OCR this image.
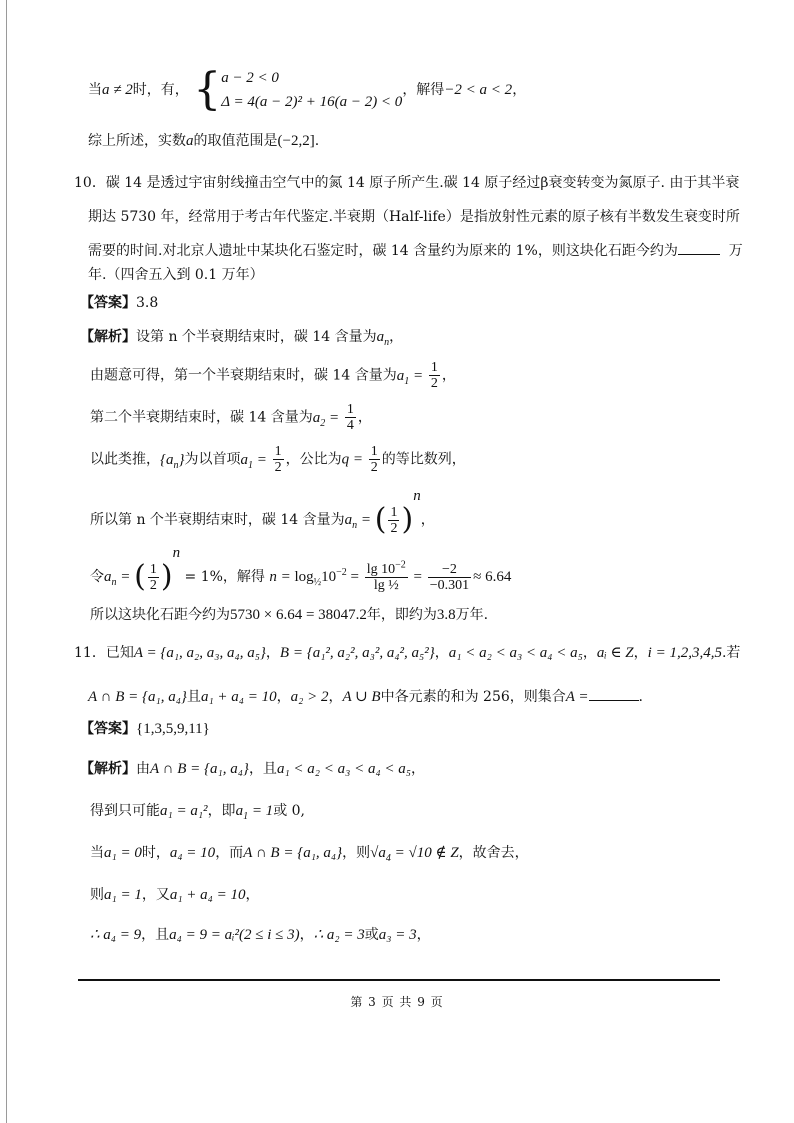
当a ≠ 2时，有， { a − 2 < 0
Δ = 4(a − 2)² + 16(a − 2) < 0
，解得−2 < a < 2，
综上所述，实数a的取值范围是(−2,2].
10．碳 14 是透过宇宙射线撞击空气中的氮 14 原子所产生.碳 14 原子经过β衰变转变为氮原子. 由于其半衰
期达 5730 年，经常用于考古年代鉴定.半衰期（Half-life）是指放射性元素的原子核有半数发生衰变时所
需要的时间.对北京人遗址中某块化石鉴定时，碳 14 含量约为原来的 1%，则这块化石距今约为	万
年.（四舍五入到 0.1 万年）
【答案】3.8
【解析】设第 n 个半衰期结束时，碳 14 含量为$a_n$，
由题意可得，第一个半衰期结束时，碳 14 含量为$a_1 = \frac{1}{2}$ ，
第二个半衰期结束时，碳 14 含量为$a_2 = \frac{1}{4}$ ，
以此类推，$\{a_n\}$为以首项$a_1 = \frac{1}{2}$ ，公比为$q = \frac{1}{2}$ 的等比数列，
所以第 n 个半衰期结束时，碳 14 含量为$a_n$ = ( $\frac{1}{2} )^n$，
令$a_n$ = ( $\frac{1}{2} )^n = 1\%$，解得 $n = \log_{\frac{1}{2}}10^{-2} = \frac{\lg 10^{-2}}{\text{lg ½}} = \frac{-2}{-0.301} \approx 6.64$
所以这块化石距今约为5730 × 6.64 = 38047.2年，即约为3.8万年.
11．已知A = {a₁, a₂, a₃, a₄, a₅}，B = {a₁², a₂², a₃², a₄², a₅²}，a₁ < a₂ < a₃ < a₄ < a₅，aᵢ ∈ Z，i = 1,2,3,4,5.若
A ∩ B = {a₁, a₄}且a₁ + a₄ = 10，a₂ > 2，A ∪ B中各元素的和为 256，则集合A =	.
【答案】{1,3,5,9,11}
【解析】由A ∩ B = {a₁, a₄}，且a₁ < a₂ < a₃ < a₄ < a₅，
得到只可能a₁ = a₁²，即$a_1 = 1$或 0,
当a₁ = 0时，a₄ = 10，而A ∩ B = {a₁, a₄}，则$√a_4 = √10$ ∉ Z，故舍去，
则a₁ = 1，又a₁ + a₄ = 10，
∴ a₄ = 9，且a₄ = 9 = aᵢ²(2 ≤ i ≤ 3)，∴ a₂ = 3或a₃ = 3，
第 3 页 共 9 页
